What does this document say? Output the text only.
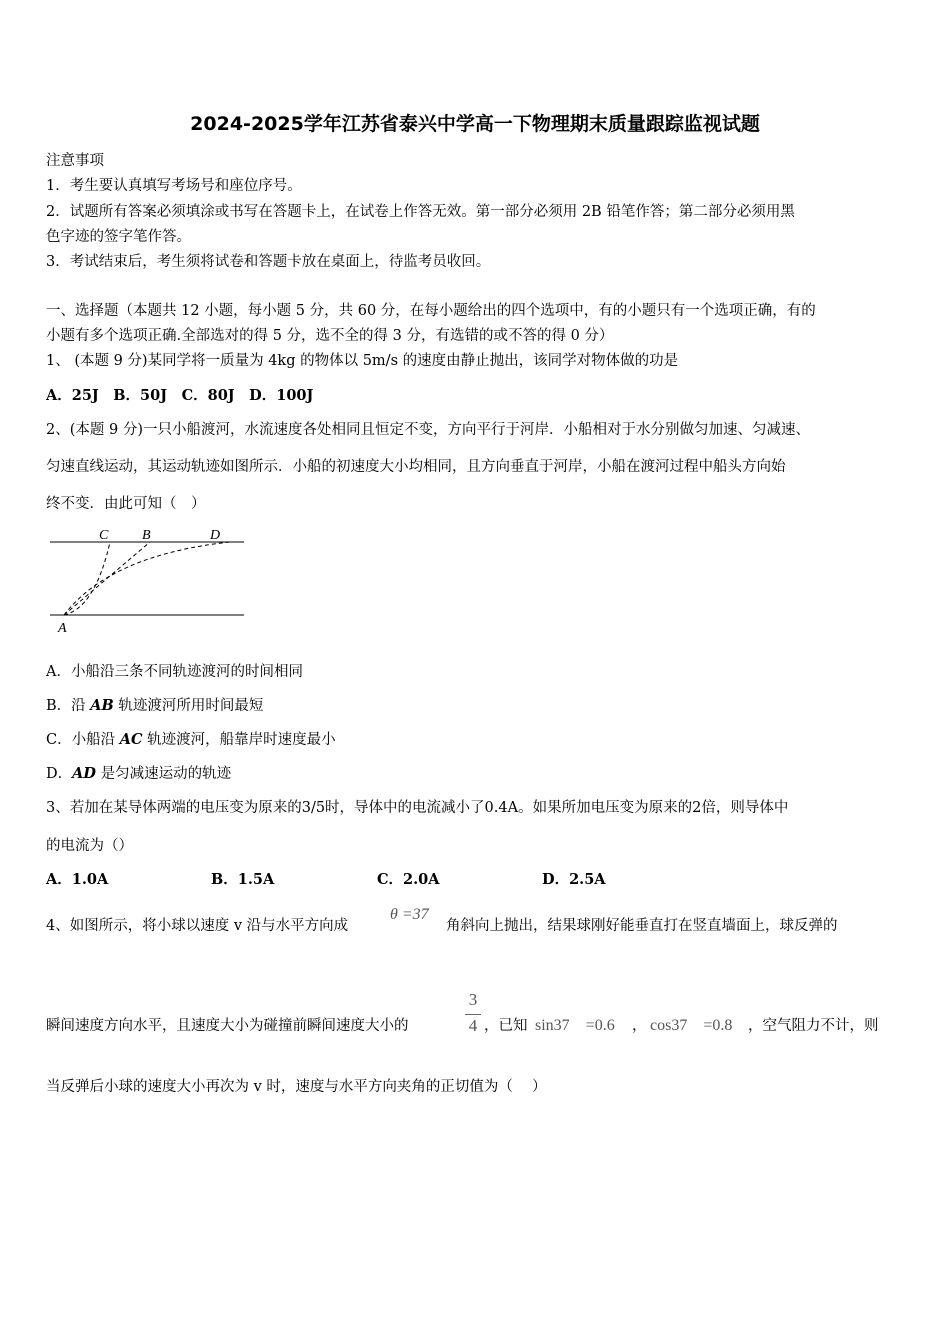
2024-2025学年江苏省泰兴中学高一下物理期末质量跟踪监视试题
注意事项
1．考生要认真填写考场号和座位序号。
2．试题所有答案必须填涂或书写在答题卡上，在试卷上作答无效。第一部分必须用 2B 铅笔作答；第二部分必须用黑
色字迹的签字笔作答。
3．考试结束后，考生须将试卷和答题卡放在桌面上，待监考员收回。
一、选择题（本题共 12 小题，每小题 5 分，共 60 分，在每小题给出的四个选项中，有的小题只有一个选项正确，有的
小题有多个选项正确.全部选对的得 5 分，选不全的得 3 分，有选错的或不答的得 0 分）
1、 (本题 9 分)某同学将一质量为 4kg 的物体以 5m/s 的速度由静止抛出，该同学对物体做的功是
A．25J　B．50J　C．80J　D．100J
2、(本题 9 分)一只小船渡河，水流速度各处相同且恒定不变，方向平行于河岸．小船相对于水分别做匀加速、匀减速、
匀速直线运动，其运动轨迹如图所示．小船的初速度大小均相同，且方向垂直于河岸，小船在渡河过程中船头方向始
终不变．由此可知（　）
C B	D
A
A．小船沿三条不同轨迹渡河的时间相同
B．沿 AB 轨迹渡河所用时间最短
C．小船沿 AC 轨迹渡河，船靠岸时速度最小
D．AD 是匀减速运动的轨迹
3、若加在某导体两端的电压变为原来的3/5时，导体中的电流减小了0.4A。如果所加电压变为原来的2倍，则导体中
的电流为（）
A．1.0A	B．1.5A	C．2.0A	D．2.5A
4、如图所示，将小球以速度 v 沿与水平方向成
θ =37
角斜向上抛出，结果球刚好能垂直打在竖直墙面上，球反弹的
瞬间速度方向水平，且速度大小为碰撞前瞬间速度大小的
3
4 ，已知 sin37　=0.6 ， cos37　=0.8 ，空气阻力不计，则
当反弹后小球的速度大小再次为 v 时，速度与水平方向夹角的正切值为（　 ）
